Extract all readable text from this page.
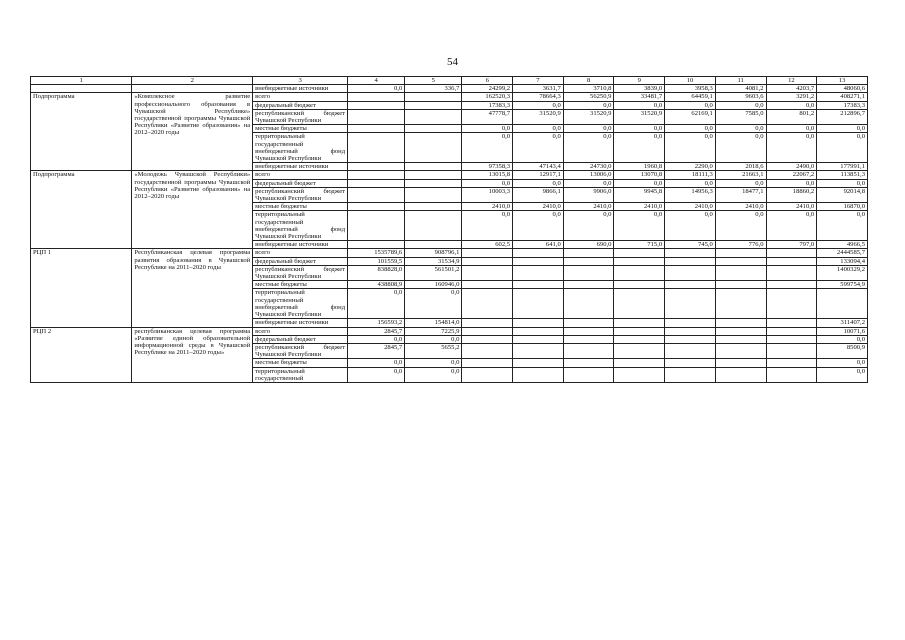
54
1	2	3	4	5	6	7	8	9	10	11	12	13
		внебюджетные источники	0,0	336,7	24299,2	3631,7	3710,8	3839,0	3958,3	4081,2	4203,7	48060,6
Подпрограмма	«Комплексное развитие профессионального образования в Чувашской Республике» государственной программы Чувашской Республики «Развитие образования» на 2012–2020 годы	всего			162520,3	78664,3	56250,9	33481,7	64459,1	9603,6	3291,2	408271,1
		федеральный бюджет			17383,3	0,0	0,0	0,0	0,0	0,0	0,0	17383,3
		республиканский бюджет Чувашской Республики			47778,7	31520,9	31520,9	31520,9	62169,1	7585,0	801,2	212896,7
		местные бюджеты			0,0	0,0	0,0	0,0	0,0	0,0	0,0	0,0
		территориальный государственный внебюджетный фонд Чувашской Республики			0,0	0,0	0,0	0,0	0,0	0,0	0,0	0,0
		внебюджетные источники			97358,3	47143,4	24730,0	1960,8	2290,0	2018,6	2490,0	177991,1
Подпрограмма	«Молодежь Чувашской Республики» государственной программы Чувашской Республики «Развитие образования» на 2012–2020 годы	всего			13015,8	12917,1	13006,0	13070,8	18111,3	21663,1	22067,2	113851,3
		федеральный бюджет			0,0	0,0	0,0	0,0	0,0	0,0	0,0	0,0
		республиканский бюджет Чувашской Республики			10003,3	9866,1	9906,0	9945,8	14956,3	18477,1	18860,2	92014,8
		местные бюджеты			2410,0	2410,0	2410,0	2410,0	2410,0	2410,0	2410,0	16870,0
		территориальный государственный внебюджетный фонд Чувашской Республики			0,0	0,0	0,0	0,0	0,0	0,0	0,0	0,0
		внебюджетные источники			602,5	641,0	690,0	715,0	745,0	776,0	797,0	4966,5
РЦП 1	Республиканская целевая программа развития образования в Чувашской Республике на 2011–2020 годы	всего	1535789,6	908796,1								2444585,7
		федеральный бюджет	101559,5	31534,9								133094,4
		республиканский бюджет Чувашской Республики	838828,0	561501,2								1400329,2
		местные бюджеты	438808,9	160946,0								599754,9
		территориальный государственный внебюджетный фонд Чувашской Республики	0,0	0,0								
		внебюджетные источники	156593,2	154814,0								311407,2
РЦП 2	республиканская целевая программа «Развитие единой образовательной информационной среды в Чувашской Республике на 2011–2020 годы»	всего	2845,7	7225,9								10071,6
		федеральный бюджет	0,0	0,0								0,0
		республиканский бюджет Чувашской Республики	2845,7	5655,2								8500,9
		местные бюджеты	0,0	0,0								0,0
		территориальный государственный	0,0	0,0								0,0
